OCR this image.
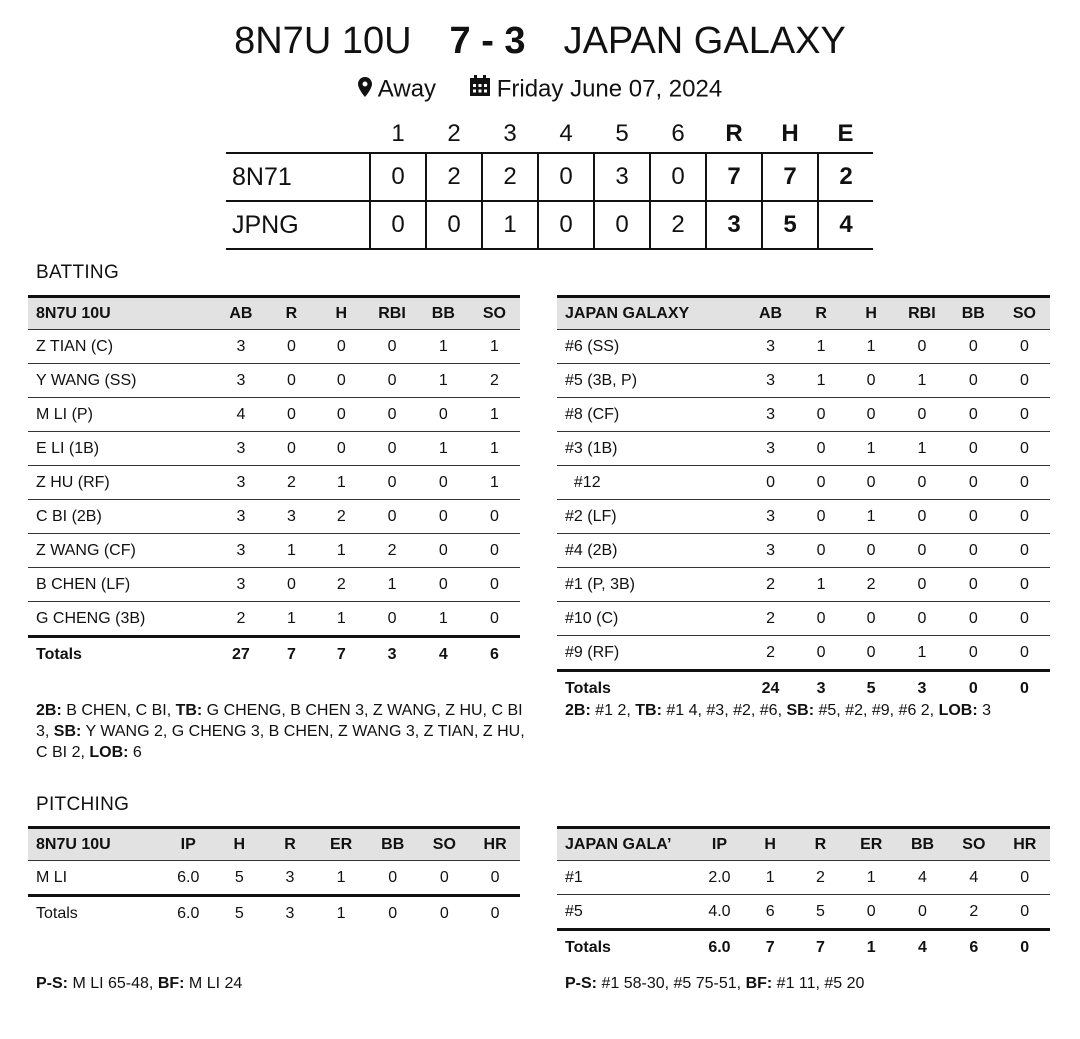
8N7U 10U 7 - 3 JAPAN GALAXY
Away	Friday June 07, 2024
	1	2	3	4	5	6	R	H	E
8N71	0	2	2	0	3	0	7	7	2
JPNG	0	0	1	0	0	2	3	5	4
BATTING
8N7U 10U	AB	R	H	RBI	BB	SO
Z TIAN (C)	3	0	0	0	1	1
Y WANG (SS)	3	0	0	0	1	2
M LI (P)	4	0	0	0	0	1
E LI (1B)	3	0	0	0	1	1
Z HU (RF)	3	2	1	0	0	1
C BI (2B)	3	3	2	0	0	0
Z WANG (CF)	3	1	1	2	0	0
B CHEN (LF)	3	0	2	1	0	0
G CHENG (3B)	2	1	1	0	1	0
Totals	27	7	7	3	4	6
JAPAN GALAXY	AB	R	H	RBI	BB	SO
#6 (SS)	3	1	1	0	0	0
#5 (3B, P)	3	1	0	1	0	0
#8 (CF)	3	0	0	0	0	0
#3 (1B)	3	0	1	1	0	0
#12	0	0	0	0	0	0
#2 (LF)	3	0	1	0	0	0
#4 (2B)	3	0	0	0	0	0
#1 (P, 3B)	2	1	2	0	0	0
#10 (C)	2	0	0	0	0	0
#9 (RF)	2	0	0	1	0	0
Totals	24	3	5	3	0	0
2B: B CHEN, C BI, TB: G CHENG, B CHEN 3, Z WANG, Z HU, C BI 3, SB: Y WANG 2, G CHENG 3, B CHEN, Z WANG 3, Z TIAN, Z HU, C BI 2, LOB: 6
2B: #1 2, TB: #1 4, #3, #2, #6, SB: #5, #2, #9, #6 2, LOB: 3
PITCHING
8N7U 10U	IP	H	R	ER	BB	SO	HR
M LI	6.0	5	3	1	0	0	0
Totals	6.0	5	3	1	0	0	0
JAPAN GALA’	IP	H	R	ER	BB	SO	HR
#1	2.0	1	2	1	4	4	0
#5	4.0	6	5	0	0	2	0
Totals	6.0	7	7	1	4	6	0
P-S: M LI 65-48, BF: M LI 24	P-S: #1 58-30, #5 75-51, BF: #1 11, #5 20
